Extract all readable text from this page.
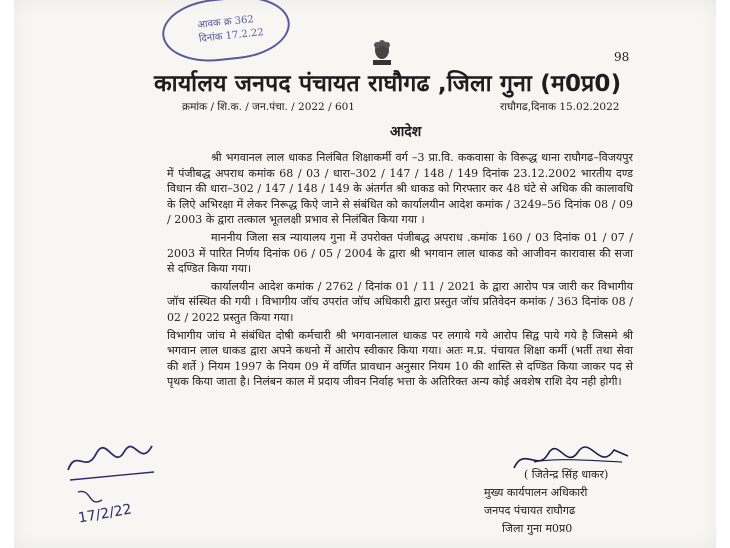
आवक क्र 362
दिनांक 17.2.22
98
कार्यालय जनपद पंचायत राघौगढ ,जिला गुना (म0प्र0)
क्रमांक / शि.क. / जन.पंचा. / 2022 / 601	राघौगढ,दिनाक 15.02.2022
आदेश

श्री भगवानल लाल धाकड निलंबित शिक्षाकर्मी वर्ग –3 प्रा.वि. ककवासा के विरूद्ध थाना राघौगढ–विजयपुर में पंजीबद्ध अपराध कमांक 68 / 03 / धारा–302 / 147 / 148 / 149 दिनांक 23.12.2002 भारतीय दण्ड विधान की धारा–302 / 147 / 148 / 149 के अंतर्गत श्री धाकड को गिरफ्तार कर 48 घंटे से अधिक की कालावधि के लिऐ अभिरक्षा में लेकर निरूद्ध किऐ जाने से संबंधित को कार्यालयीन आदेश कमांक / 3249–56 दिनांक 08 / 09 / 2003 के द्वारा तत्काल भूतलक्षी प्रभाव से निलंबित किया गया ।

माननीय जिला सत्र न्यायालय गुना में उपरोक्त पंजीबद्ध अपराध .कमांक 160 / 03 दिनांक 01 / 07 / 2003 में पारित निर्णय दिनांक 06 / 05 / 2004 के द्वारा श्री भगवान लाल धाकड को आजीवन कारावास की सजा से दण्डित किया गया।

कार्यालयीन आदेश कमांक / 2762 / दिनांक 01 / 11 / 2021 के द्वारा आरोप पत्र जारी कर विभागीय जॉच संस्थित की गयी । विभागीय जॉच उपरांत जॉच अधिकारी द्वारा प्रस्तुत जॉच प्रतिवेदन कमांक / 363 दिनांक 08 / 02 / 2022 प्रस्तुत किया गया।

विभागीय जांच मे संबंधित दोषी कर्मचारी श्री भगवानलाल धाकड पर लगाये गये आरोप सिद्व पाये गये है जिसमे श्री भगवान लाल धाकड द्वारा अपने कथनो में आरोप स्वीकार किया गया। अतः म.प्र. पंचायत शिक्षा कर्मी (भर्ती तथा सेवा की शर्ते ) नियम 1997 के नियम 09 में वर्णित प्रावधान अनुसार नियम 10 की शास्ति से दण्डित किया जाकर पद से पृथक किया जाता है। निलंबन काल में प्रदाय जीवन निर्वाह भत्ता के अतिरिक्त अन्य कोई अवशेष राशि देय नही होगी।

( जितेन्द्र सिंह धाकर)
मुख्य कार्यपालन अधिकारी
जनपद पंचायत राघौगढ
जिला गुना म0प्र0
17/2/22
